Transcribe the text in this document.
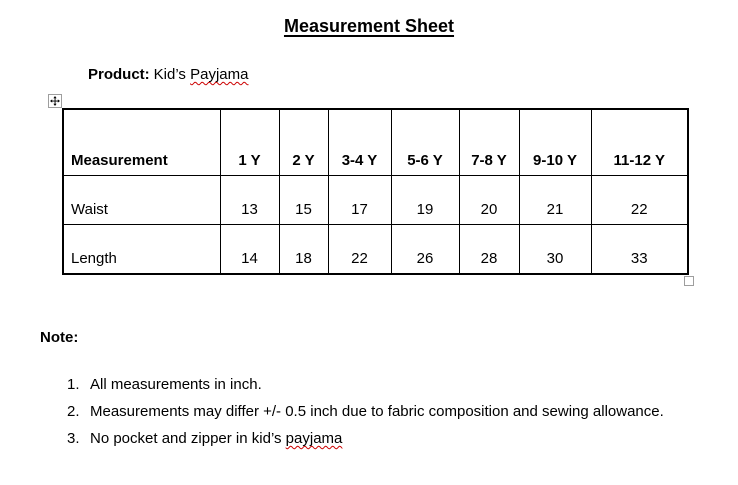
Measurement Sheet
Product: Kid’s Payjama
Measurement	1 Y	2 Y	3-4 Y	5-6 Y	7-8 Y	9-10 Y	11-12 Y
Waist	13	15	17	19	20	21	22
Length	14	18	22	26	28	30	33
Note:
1. All measurements in inch.
2. Measurements may differ +/- 0.5 inch due to fabric composition and sewing allowance.
3. No pocket and zipper in kid’s payjama
